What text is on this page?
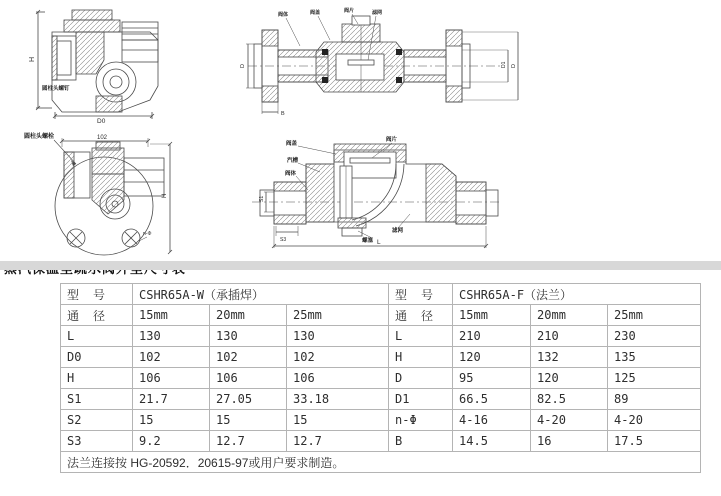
H
圆柱头螺钉
D0
阀体	阀盖	阀片	滤网
D	D1 D
B
圆柱头螺栓	102
H
n-Φ
阀盖
汽槽
阀体
阀片
滤网
螺塞
S1
S3	L
型　号	CSHR65A-W（承插焊）			型　号	CSHR65A-F（法兰）		
通　径	15mm	20mm	25mm	通　径	15mm	20mm	25mm
L	130	130	130	L	210	210	230
D0	102	102	102	H	120	132	135
H	106	106	106	D	95	120	125
S1	21.7	27.05	33.18	D1	66.5	82.5	89
S2	15	15	15	n-Φ	4-16	4-20	4-20
S3	9.2	12.7	12.7	B	14.5	16	17.5
法兰连接按 HG-20592．20615-97或用户要求制造。							
